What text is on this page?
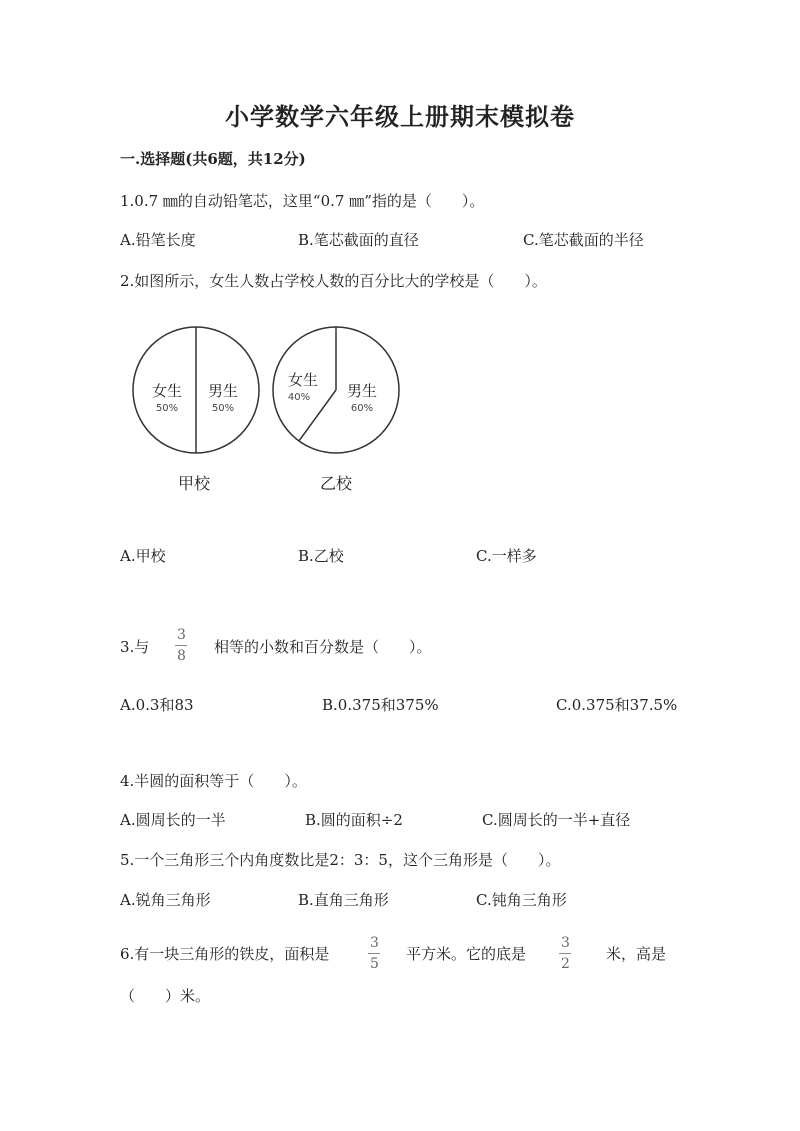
小学数学六年级上册期末模拟卷
一.选择题(共6题，共12分)
1.0.7 ㎜的自动铅笔芯，这里“0.7 ㎜”指的是（　　）。
A.铅笔长度	B.笔芯截面的直径	C.笔芯截面的半径
2.如图所示，女生人数占学校人数的百分比大的学校是（　　）。
女生
50%
男生
50%
甲校
女生
40% 男生
60%
乙校
A.甲校	B.乙校	C.一样多
3.与
3
8 相等的小数和百分数是（　　）。
A.0.3和83	B.0.375和375%	C.0.375和37.5%
4.半圆的面积等于（　　）。
A.圆周长的一半	B.圆的面积÷2	C.圆周长的一半+直径
5.一个三角形三个内角度数比是2：3：5，这个三角形是（　　）。
A.锐角三角形	B.直角三角形	C.钝角三角形
6.有一块三角形的铁皮，面积是
3
5
平方米。它的底是
3
2
米，高是
（　　）米。
